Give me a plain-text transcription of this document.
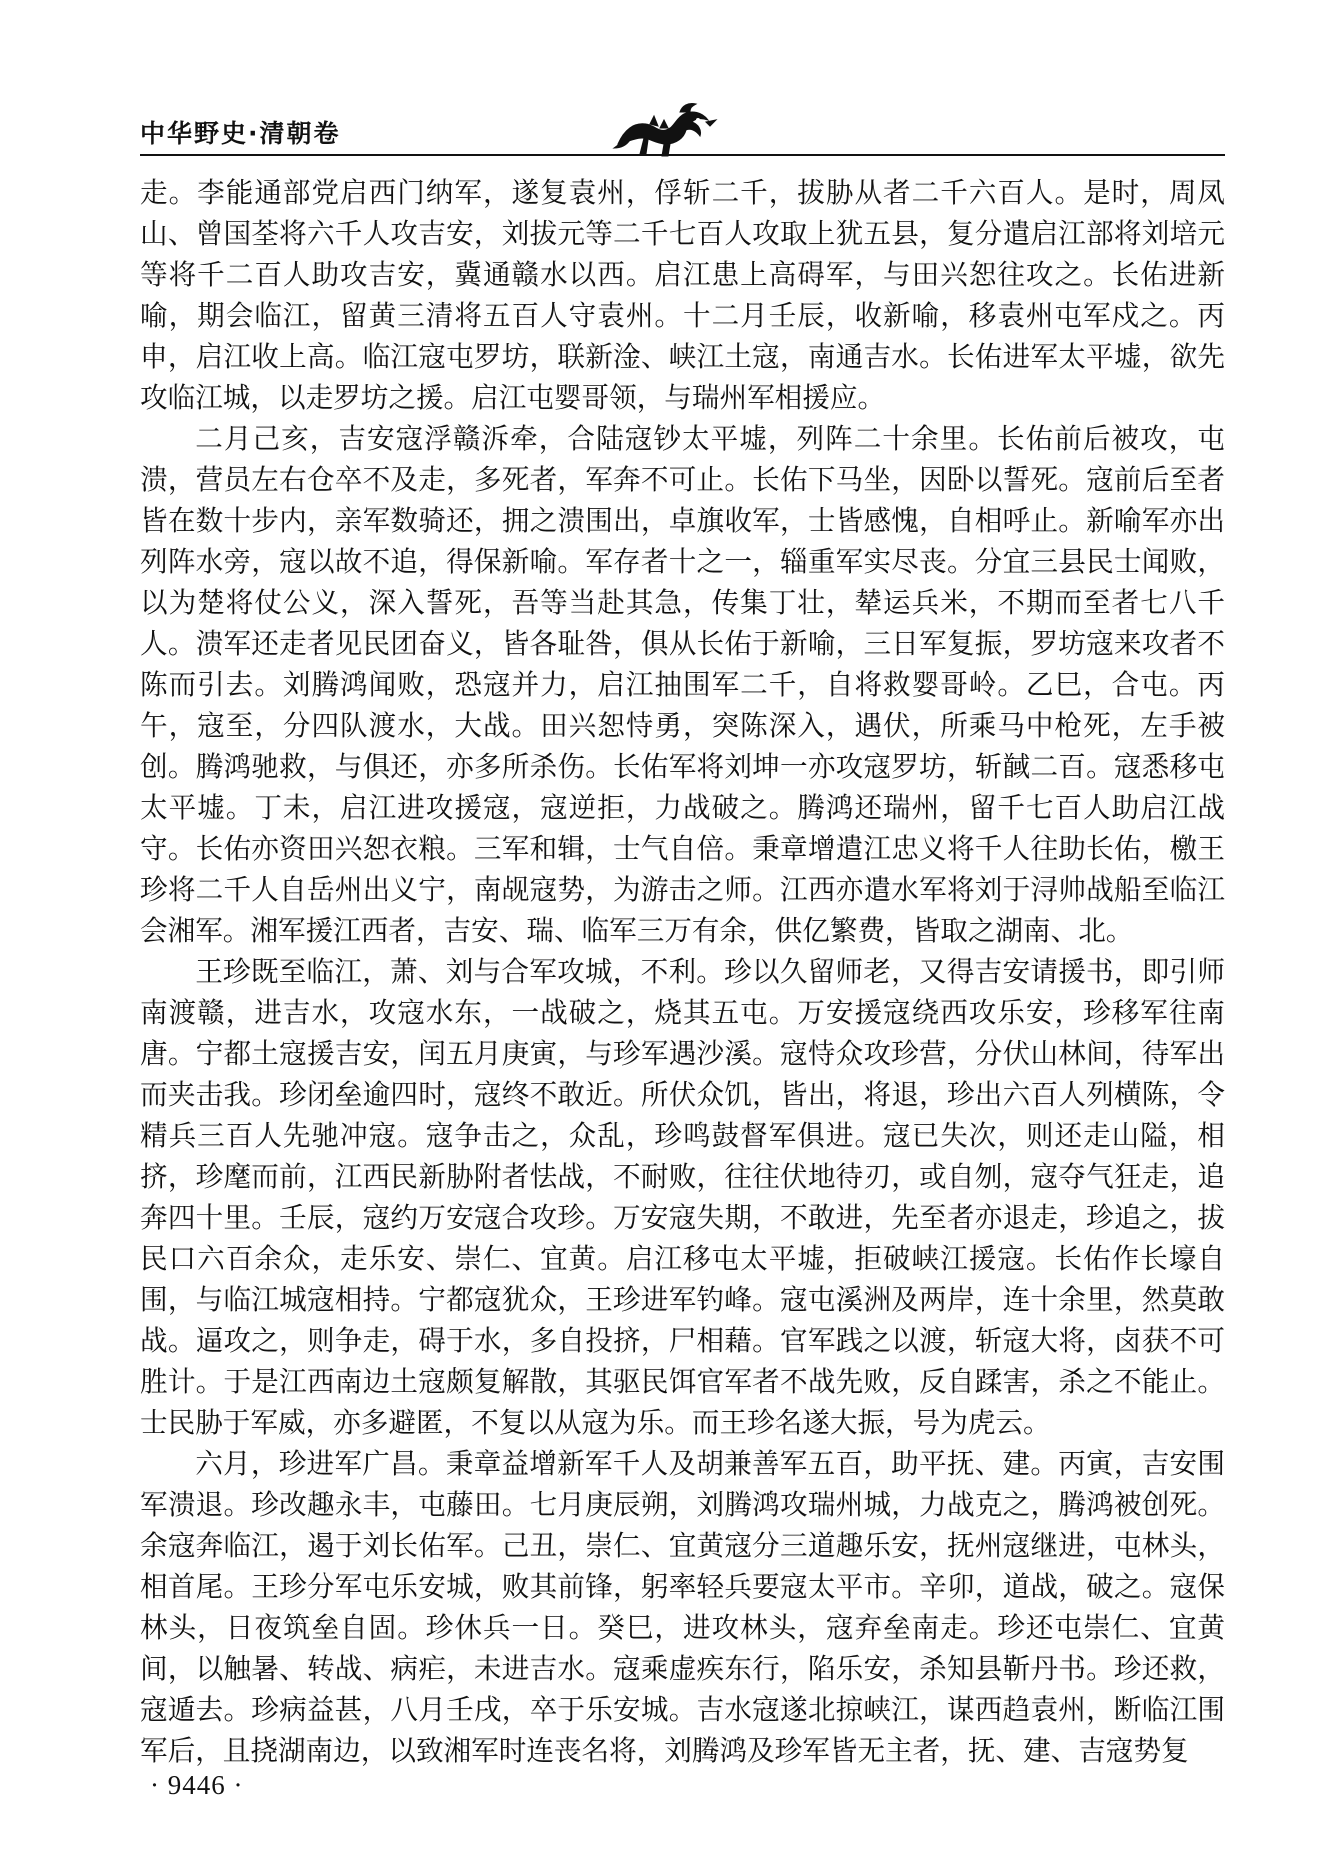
中华野史·清朝卷

走。李能通部党启西门纳军，遂复袁州，俘斩二千，拔胁从者二千六百人。是时，周凤山、曾国荃将六千人攻吉安，刘拔元等二千七百人攻取上犹五县，复分遣启江部将刘培元等将千二百人助攻吉安，冀通赣水以西。启江患上高碍军，与田兴恕往攻之。长佑进新喻，期会临江，留黄三清将五百人守袁州。十二月壬辰，收新喻，移袁州屯军戍之。丙申，启江收上高。临江寇屯罗坊，联新淦、峡江土寇，南通吉水。长佑进军太平墟，欲先攻临江城，以走罗坊之援。启江屯婴哥领，与瑞州军相援应。

二月己亥，吉安寇浮赣泝牵，合陆寇钞太平墟，列阵二十余里。长佑前后被攻，屯溃，营员左右仓卒不及走，多死者，军奔不可止。长佑下马坐，因卧以誓死。寇前后至者皆在数十步内，亲军数骑还，拥之溃围出，卓旗收军，士皆感愧，自相呼止。新喻军亦出列阵水旁，寇以故不追，得保新喻。军存者十之一，辎重军实尽丧。分宜三县民士闻败，以为楚将仗公义，深入誓死，吾等当赴其急，传集丁壮，辇运兵米，不期而至者七八千人。溃军还走者见民团奋义，皆各耻咎，俱从长佑于新喻，三日军复振，罗坊寇来攻者不陈而引去。刘腾鸿闻败，恐寇并力，启江抽围军二千，自将救婴哥岭。乙巳，合屯。丙午，寇至，分四队渡水，大战。田兴恕恃勇，突陈深入，遇伏，所乘马中枪死，左手被创。腾鸿驰救，与俱还，亦多所杀伤。长佑军将刘坤一亦攻寇罗坊，斩馘二百。寇悉移屯太平墟。丁未，启江进攻援寇，寇逆拒，力战破之。腾鸿还瑞州，留千七百人助启江战守。长佑亦资田兴恕衣粮。三军和辑，士气自倍。秉章增遣江忠义将千人往助长佑，檄王珍将二千人自岳州出义宁，南觇寇势，为游击之师。江西亦遣水军将刘于浔帅战船至临江会湘军。湘军援江西者，吉安、瑞、临军三万有余，供亿繁费，皆取之湖南、北。

王珍既至临江，萧、刘与合军攻城，不利。珍以久留师老，又得吉安请援书，即引师南渡赣，进吉水，攻寇水东，一战破之，烧其五屯。万安援寇绕西攻乐安，珍移军往南唐。宁都土寇援吉安，闰五月庚寅，与珍军遇沙溪。寇恃众攻珍营，分伏山林间，待军出而夹击我。珍闭垒逾四时，寇终不敢近。所伏众饥，皆出，将退，珍出六百人列横陈，令精兵三百人先驰冲寇。寇争击之，众乱，珍鸣鼓督军俱进。寇已失次，则还走山隘，相挤，珍麾而前，江西民新胁附者怯战，不耐败，往往伏地待刃，或自刎，寇夺气狂走，追奔四十里。壬辰，寇约万安寇合攻珍。万安寇失期，不敢进，先至者亦退走，珍追之，拔民口六百余众，走乐安、崇仁、宜黄。启江移屯太平墟，拒破峡江援寇。长佑作长壕自围，与临江城寇相持。宁都寇犹众，王珍进军钓峰。寇屯溪洲及两岸，连十余里，然莫敢战。逼攻之，则争走，碍于水，多自投挤，尸相藉。官军践之以渡，斩寇大将，卤获不可胜计。于是江西南边土寇颇复解散，其驱民饵官军者不战先败，反自蹂害，杀之不能止。士民胁于军威，亦多避匿，不复以从寇为乐。而王珍名遂大振，号为虎云。

六月，珍进军广昌。秉章益增新军千人及胡兼善军五百，助平抚、建。丙寅，吉安围军溃退。珍改趣永丰，屯藤田。七月庚辰朔，刘腾鸿攻瑞州城，力战克之，腾鸿被创死。余寇奔临江，遏于刘长佑军。己丑，崇仁、宜黄寇分三道趣乐安，抚州寇继进，屯林头，相首尾。王珍分军屯乐安城，败其前锋，躬率轻兵要寇太平市。辛卯，道战，破之。寇保林头，日夜筑垒自固。珍休兵一日。癸巳，进攻林头，寇弃垒南走。珍还屯崇仁、宜黄间，以触暑、转战、病疟，未进吉水。寇乘虚疾东行，陷乐安，杀知县靳丹书。珍还救，寇遁去。珍病益甚，八月壬戌，卒于乐安城。吉水寇遂北掠峡江，谋西趋袁州，断临江围军后，且挠湖南边，以致湘军时连丧名将，刘腾鸿及珍军皆无主者，抚、建、吉寇势复

· 9446 ·
